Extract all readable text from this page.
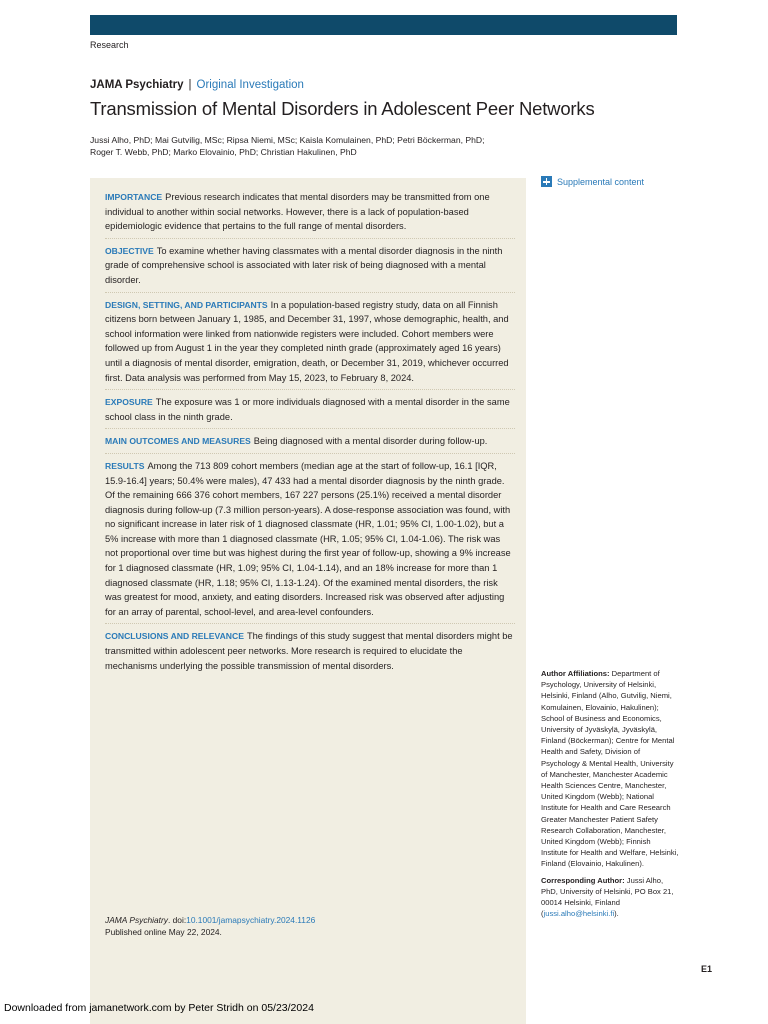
Research
JAMA Psychiatry | Original Investigation
Transmission of Mental Disorders in Adolescent Peer Networks
Jussi Alho, PhD; Mai Gutvilig, MSc; Ripsa Niemi, MSc; Kaisla Komulainen, PhD; Petri Böckerman, PhD;
Roger T. Webb, PhD; Marko Elovainio, PhD; Christian Hakulinen, PhD
IMPORTANCE Previous research indicates that mental disorders may be transmitted from one individual to another within social networks. However, there is a lack of population-based epidemiologic evidence that pertains to the full range of mental disorders.
OBJECTIVE To examine whether having classmates with a mental disorder diagnosis in the ninth grade of comprehensive school is associated with later risk of being diagnosed with a mental disorder.
DESIGN, SETTING, AND PARTICIPANTS In a population-based registry study, data on all Finnish citizens born between January 1, 1985, and December 31, 1997, whose demographic, health, and school information were linked from nationwide registers were included. Cohort members were followed up from August 1 in the year they completed ninth grade (approximately aged 16 years) until a diagnosis of mental disorder, emigration, death, or December 31, 2019, whichever occurred first. Data analysis was performed from May 15, 2023, to February 8, 2024.
EXPOSURE The exposure was 1 or more individuals diagnosed with a mental disorder in the same school class in the ninth grade.
MAIN OUTCOMES AND MEASURES Being diagnosed with a mental disorder during follow-up.
RESULTS Among the 713 809 cohort members (median age at the start of follow-up, 16.1 [IQR, 15.9-16.4] years; 50.4% were males), 47 433 had a mental disorder diagnosis by the ninth grade. Of the remaining 666 376 cohort members, 167 227 persons (25.1%) received a mental disorder diagnosis during follow-up (7.3 million person-years). A dose-response association was found, with no significant increase in later risk of 1 diagnosed classmate (HR, 1.01; 95% CI, 1.00-1.02), but a 5% increase with more than 1 diagnosed classmate (HR, 1.05; 95% CI, 1.04-1.06). The risk was not proportional over time but was highest during the first year of follow-up, showing a 9% increase for 1 diagnosed classmate (HR, 1.09; 95% CI, 1.04-1.14), and an 18% increase for more than 1 diagnosed classmate (HR, 1.18; 95% CI, 1.13-1.24). Of the examined mental disorders, the risk was greatest for mood, anxiety, and eating disorders. Increased risk was observed after adjusting for an array of parental, school-level, and area-level confounders.
CONCLUSIONS AND RELEVANCE The findings of this study suggest that mental disorders might be transmitted within adolescent peer networks. More research is required to elucidate the mechanisms underlying the possible transmission of mental disorders.
JAMA Psychiatry. doi:10.1001/jamapsychiatry.2024.1126
Published online May 22, 2024.
Supplemental content

Author Affiliations: Department of Psychology, University of Helsinki, Helsinki, Finland (Alho, Gutvilig, Niemi, Komulainen, Elovainio, Hakulinen); School of Business and Economics, University of Jyväskylä, Jyväskylä, Finland (Böckerman); Centre for Mental Health and Safety, Division of Psychology & Mental Health, University of Manchester, Manchester Academic Health Sciences Centre, Manchester, United Kingdom (Webb); National Institute for Health and Care Research Greater Manchester Patient Safety Research Collaboration, Manchester, United Kingdom (Webb); Finnish Institute for Health and Welfare, Helsinki, Finland (Elovainio, Hakulinen).

Corresponding Author: Jussi Alho, PhD, University of Helsinki, PO Box 21, 00014 Helsinki, Finland (jussi.alho@helsinki.fi).

E1
Downloaded from jamanetwork.com by Peter Stridh on 05/23/2024
